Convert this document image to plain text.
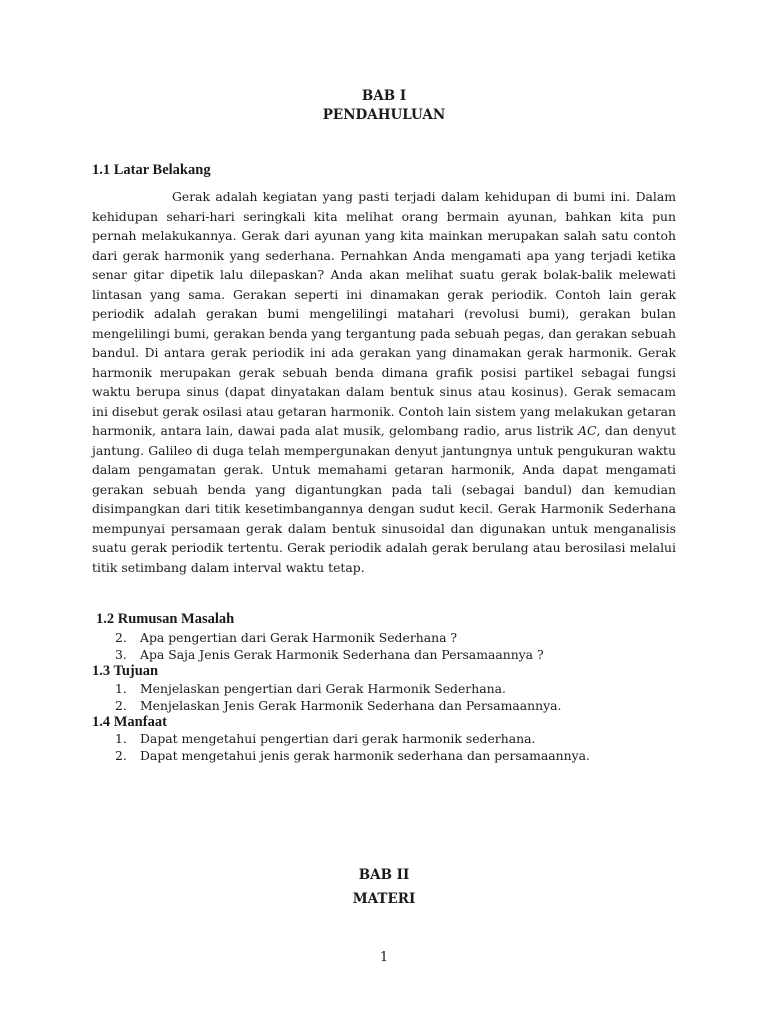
BAB I
PENDAHULUAN
1.1 Latar Belakang

Gerak adalah kegiatan yang pasti terjadi dalam kehidupan di bumi ini. Dalam kehidupan sehari-hari seringkali kita melihat orang bermain ayunan, bahkan kita pun pernah melakukannya. Gerak dari ayunan yang kita mainkan merupakan salah satu contoh dari gerak harmonik yang sederhana. Pernahkan Anda mengamati apa yang terjadi ketika senar gitar dipetik lalu dilepaskan? Anda akan melihat suatu gerak bolak-balik melewati lintasan yang sama. Gerakan seperti ini dinamakan gerak periodik. Contoh lain gerak periodik adalah gerakan bumi mengelilingi matahari (revolusi bumi), gerakan bulan mengelilingi bumi, gerakan benda yang tergantung pada sebuah pegas, dan gerakan sebuah bandul. Di antara gerak periodik ini ada gerakan yang dinamakan gerak harmonik. Gerak harmonik merupakan gerak sebuah benda dimana grafik posisi partikel sebagai fungsi waktu berupa sinus (dapat dinyatakan dalam bentuk sinus atau kosinus). Gerak semacam ini disebut gerak osilasi atau getaran harmonik. Contoh lain sistem yang melakukan getaran harmonik, antara lain, dawai pada alat musik, gelombang radio, arus listrik AC, dan denyut jantung. Galileo di duga telah mempergunakan denyut jantungnya untuk pengukuran waktu dalam pengamatan gerak. Untuk memahami getaran harmonik, Anda dapat mengamati gerakan sebuah benda yang digantungkan pada tali (sebagai bandul) dan kemudian disimpangkan dari titik kesetimbangannya dengan sudut kecil. Gerak Harmonik Sederhana mempunyai persamaan gerak dalam bentuk sinusoidal dan digunakan untuk menganalisis suatu gerak periodik tertentu. Gerak periodik adalah gerak berulang atau berosilasi melalui titik setimbang dalam interval waktu tetap.

1.2 Rumusan Masalah
2.	Apa pengertian dari Gerak Harmonik Sederhana ?
3.	Apa Saja Jenis Gerak Harmonik Sederhana dan Persamaannya ?
1.3 Tujuan
1.	Menjelaskan pengertian dari Gerak Harmonik Sederhana.
2.	Menjelaskan Jenis Gerak Harmonik Sederhana dan Persamaannya.
1.4 Manfaat
1.	Dapat mengetahui pengertian dari gerak harmonik sederhana.
2.	Dapat mengetahui jenis gerak harmonik sederhana dan persamaannya.
BAB II
MATERI
1
